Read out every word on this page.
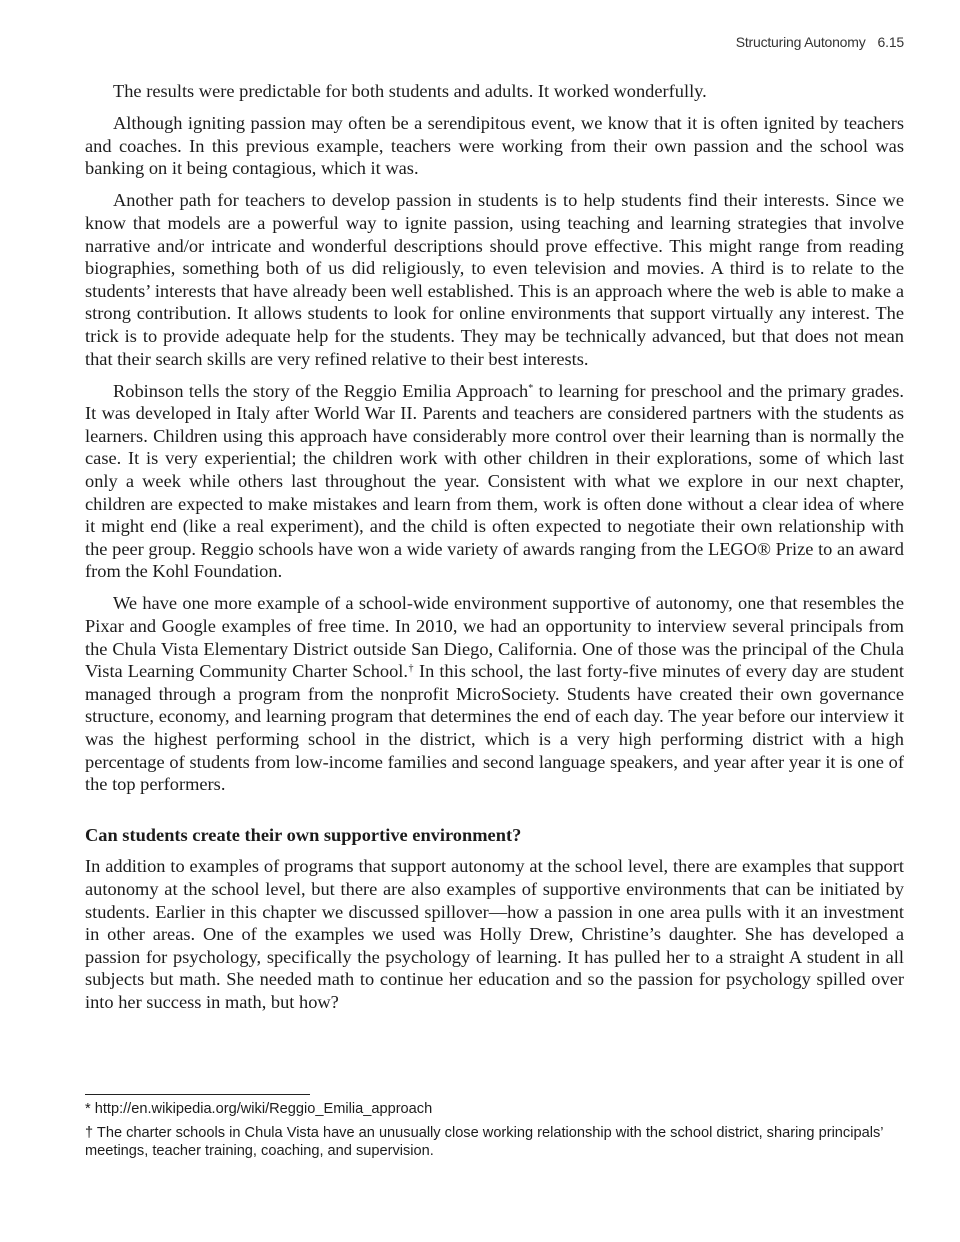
Structuring Autonomy 6.15

The results were predictable for both students and adults. It worked wonderfully.

Although igniting passion may often be a serendipitous event, we know that it is often ignited by teachers and coaches. In this previous example, teachers were working from their own passion and the school was banking on it being contagious, which it was.

Another path for teachers to develop passion in students is to help students find their interests. Since we know that models are a powerful way to ignite passion, using teaching and learning strategies that involve narrative and/or intricate and wonderful descriptions should prove effective. This might range from reading biographies, something both of us did religiously, to even television and movies. A third is to relate to the students’ interests that have already been well established. This is an approach where the web is able to make a strong contribution. It allows students to look for online environments that support virtually any interest. The trick is to provide adequate help for the students. They may be technically advanced, but that does not mean that their search skills are very refined relative to their best interests.

Robinson tells the story of the Reggio Emilia Approach* to learning for preschool and the primary grades. It was developed in Italy after World War II. Parents and teachers are considered partners with the students as learners. Children using this approach have considerably more control over their learning than is normally the case. It is very experiential; the children work with other children in their explorations, some of which last only a week while others last throughout the year. Consistent with what we explore in our next chapter, children are expected to make mistakes and learn from them, work is often done without a clear idea of where it might end (like a real experiment), and the child is often expected to negotiate their own relationship with the peer group. Reggio schools have won a wide variety of awards ranging from the LEGO® Prize to an award from the Kohl Foundation.

We have one more example of a school-wide environment supportive of autonomy, one that resembles the Pixar and Google examples of free time. In 2010, we had an opportunity to interview several principals from the Chula Vista Elementary District outside San Diego, California. One of those was the principal of the Chula Vista Learning Community Charter School.† In this school, the last forty-five minutes of every day are student managed through a program from the nonprofit MicroSociety. Students have created their own governance structure, economy, and learning program that determines the end of each day. The year before our interview it was the highest performing school in the district, which is a very high performing district with a high percentage of students from low-income families and second language speakers, and year after year it is one of the top performers.

Can students create their own supportive environment?

In addition to examples of programs that support autonomy at the school level, there are examples that support autonomy at the school level, but there are also examples of supportive environments that can be initiated by students. Earlier in this chapter we discussed spillover—how a passion in one area pulls with it an investment in other areas. One of the examples we used was Holly Drew, Christine’s daughter. She has developed a passion for psychology, specifically the psychology of learning. It has pulled her to a straight A student in all subjects but math. She needed math to continue her education and so the passion for psychology spilled over into her success in math, but how?

* http://en.wikipedia.org/wiki/Reggio_Emilia_approach
† The charter schools in Chula Vista have an unusually close working relationship with the school district, sharing principals’ meetings, teacher training, coaching, and supervision.
